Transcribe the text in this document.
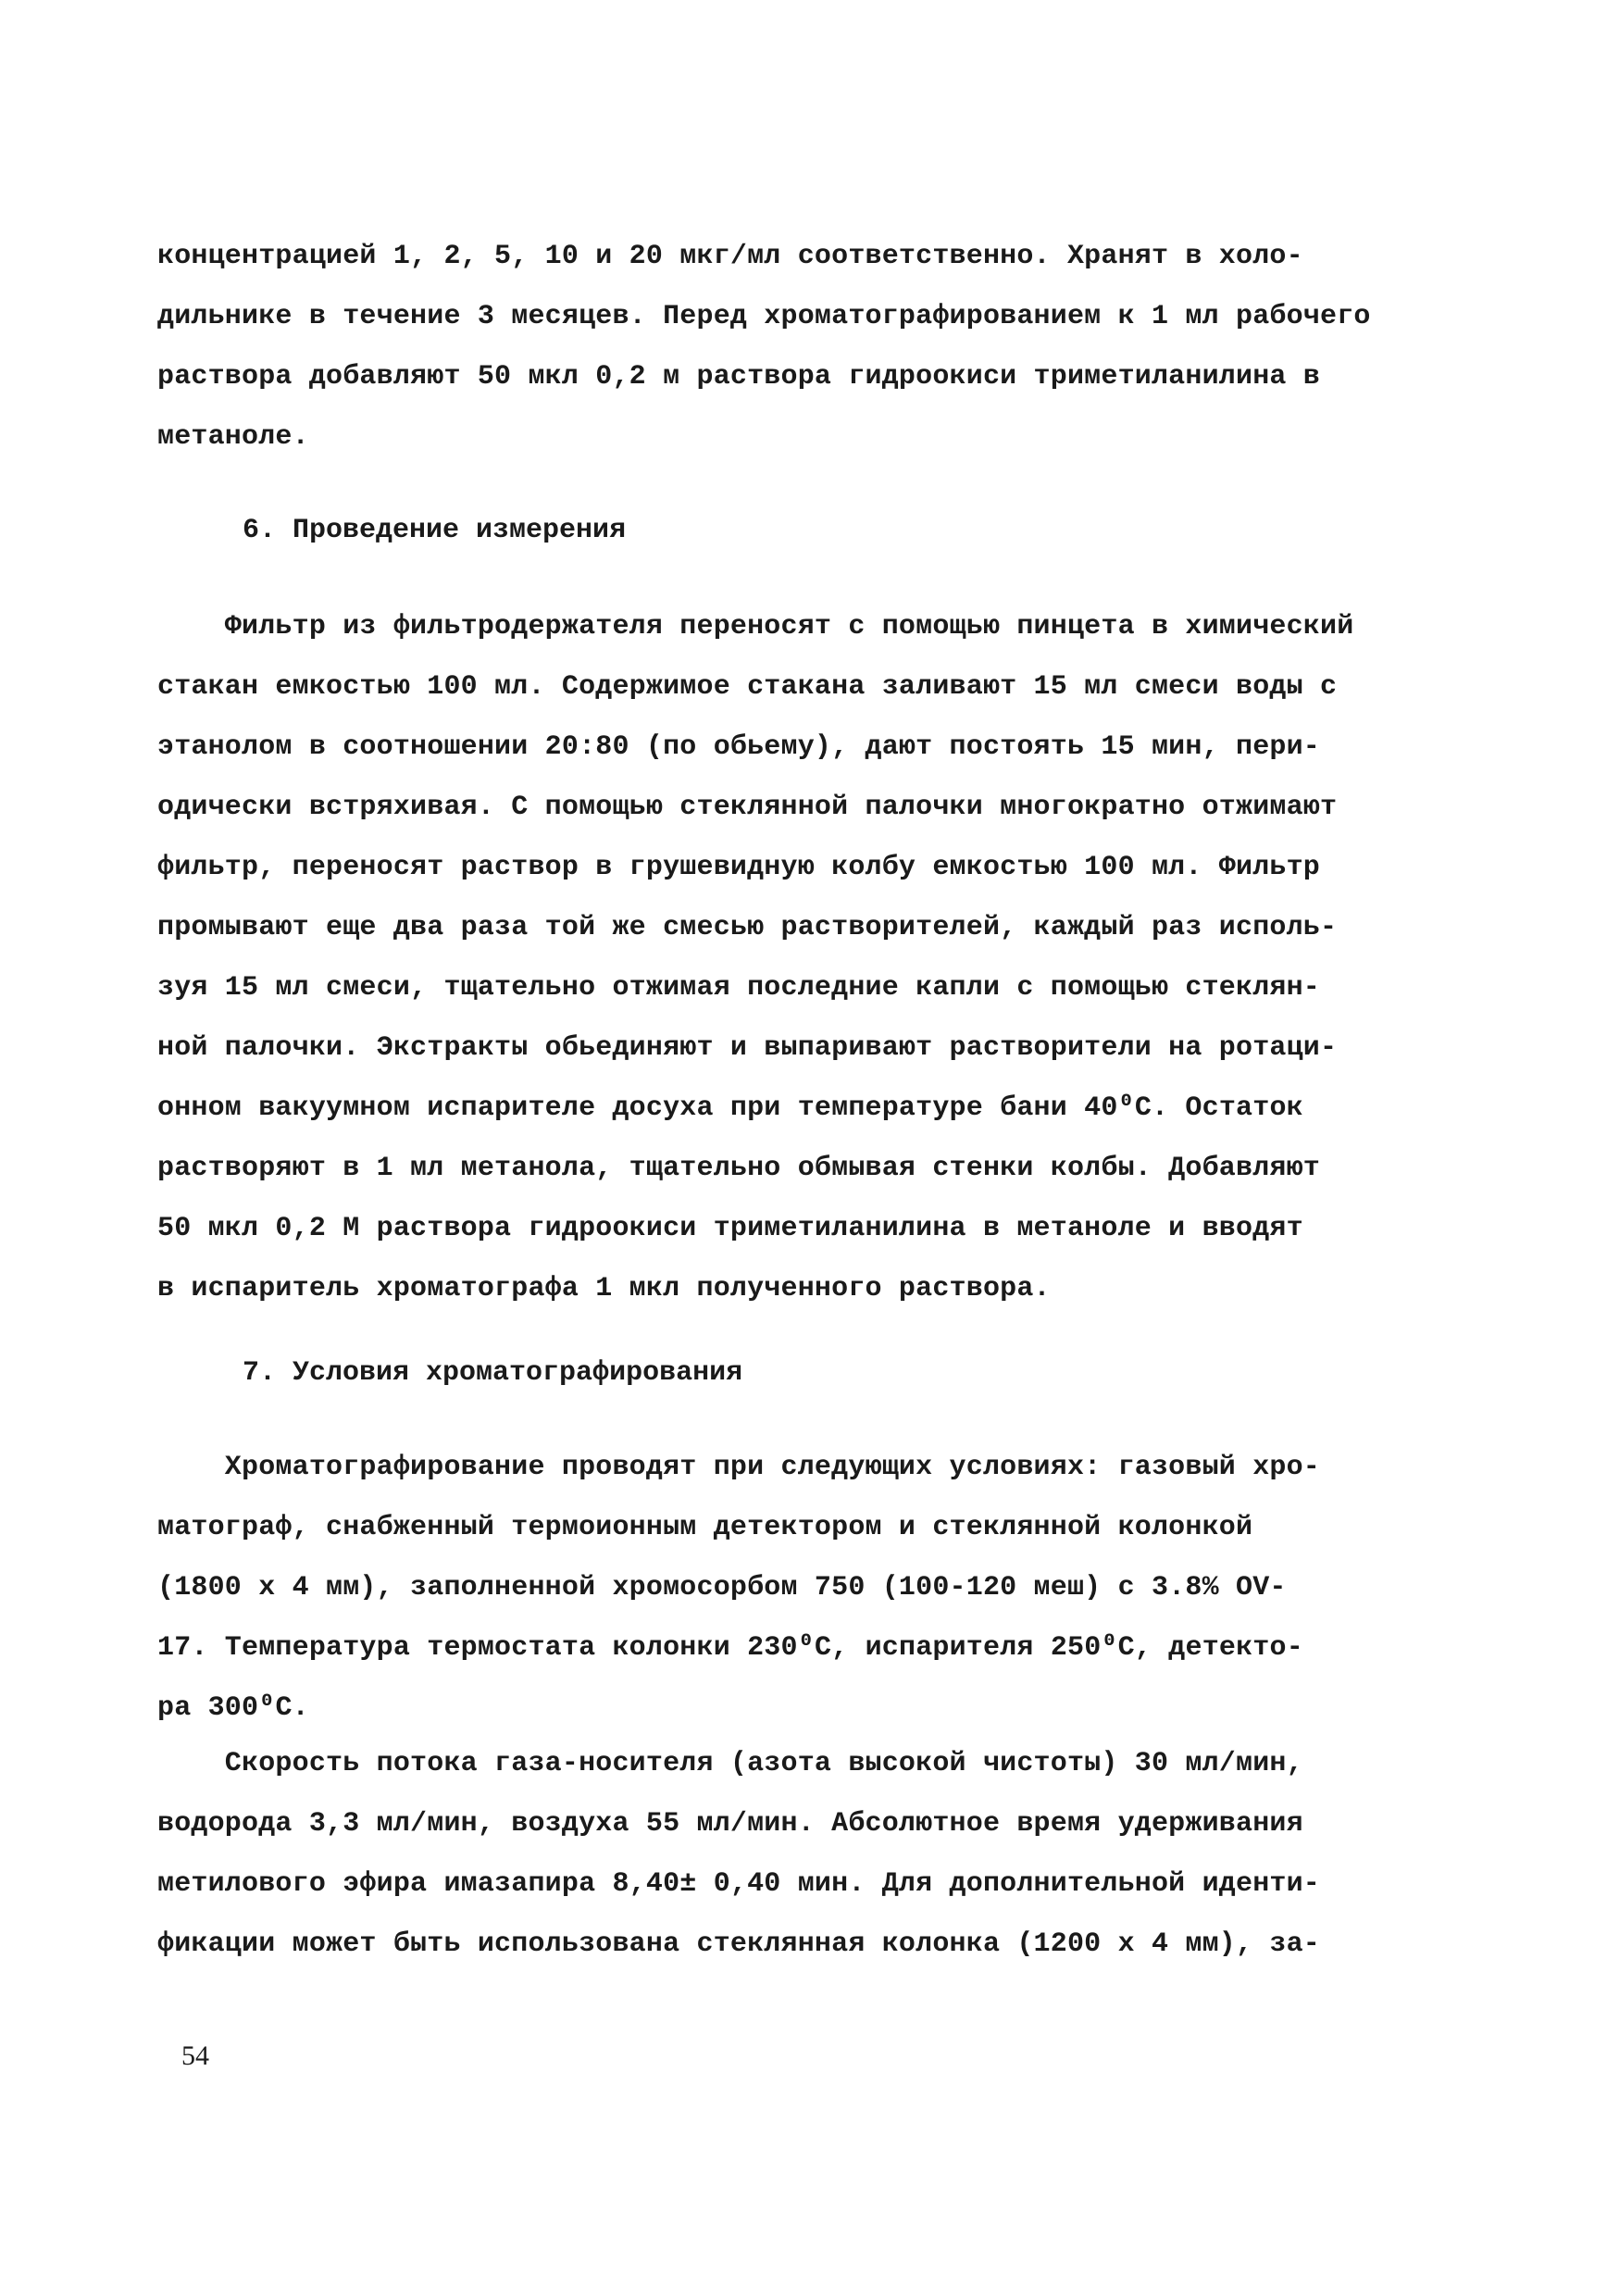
концентрацией 1, 2, 5, 10 и 20 мкг/мл соответственно. Хранят в холо-
дильнике в течение 3 месяцев. Перед хроматографированием к 1 мл рабочего
раствора добавляют 50 мкл 0,2 м раствора гидроокиси триметиланилина в
метаноле.
6. Проведение измерения
Фильтр из фильтродержателя переносят с помощью пинцета в химический
стакан емкостью 100 мл. Содержимое стакана заливают 15 мл смеси воды с
этанолом в соотношении 20:80 (по обьему), дают постоять 15 мин, пери-
одически встряхивая. С помощью стеклянной палочки многократно отжимают
фильтр, переносят раствор в грушевидную колбу емкостью 100 мл. Фильтр
промывают еще два раза той же смесью растворителей, каждый раз исполь-
зуя 15 мл смеси, тщательно отжимая последние капли с помощью стеклян-
ной палочки. Экстракты обьединяют и выпаривают растворители на ротаци-
онном вакуумном испарителе досуха при температуре бани 40⁰С. Остаток
растворяют в 1 мл метанола, тщательно обмывая стенки колбы. Добавляют
50 мкл 0,2 М раствора гидроокиси триметиланилина в метаноле и вводят
в испаритель хроматографа 1 мкл полученного раствора.
7. Условия хроматографирования
Хроматографирование проводят при следующих условиях: газовый хро-
матограф, снабженный термоионным детектором и стеклянной колонкой
(1800 х 4 мм), заполненной хромосорбом 750 (100-120 меш) с 3.8% OV-
17. Температура термостата колонки 230⁰С, испарителя 250⁰С, детекто-
ра 300⁰С.
Скорость потока газа-носителя (азота высокой чистоты) 30 мл/мин,
водорода 3,3 мл/мин, воздуха 55 мл/мин. Абсолютное время удерживания
метилового эфира имазапира 8,40± 0,40 мин. Для дополнительной иденти-
фикации может быть использована стеклянная колонка (1200 х 4 мм), за-
54
